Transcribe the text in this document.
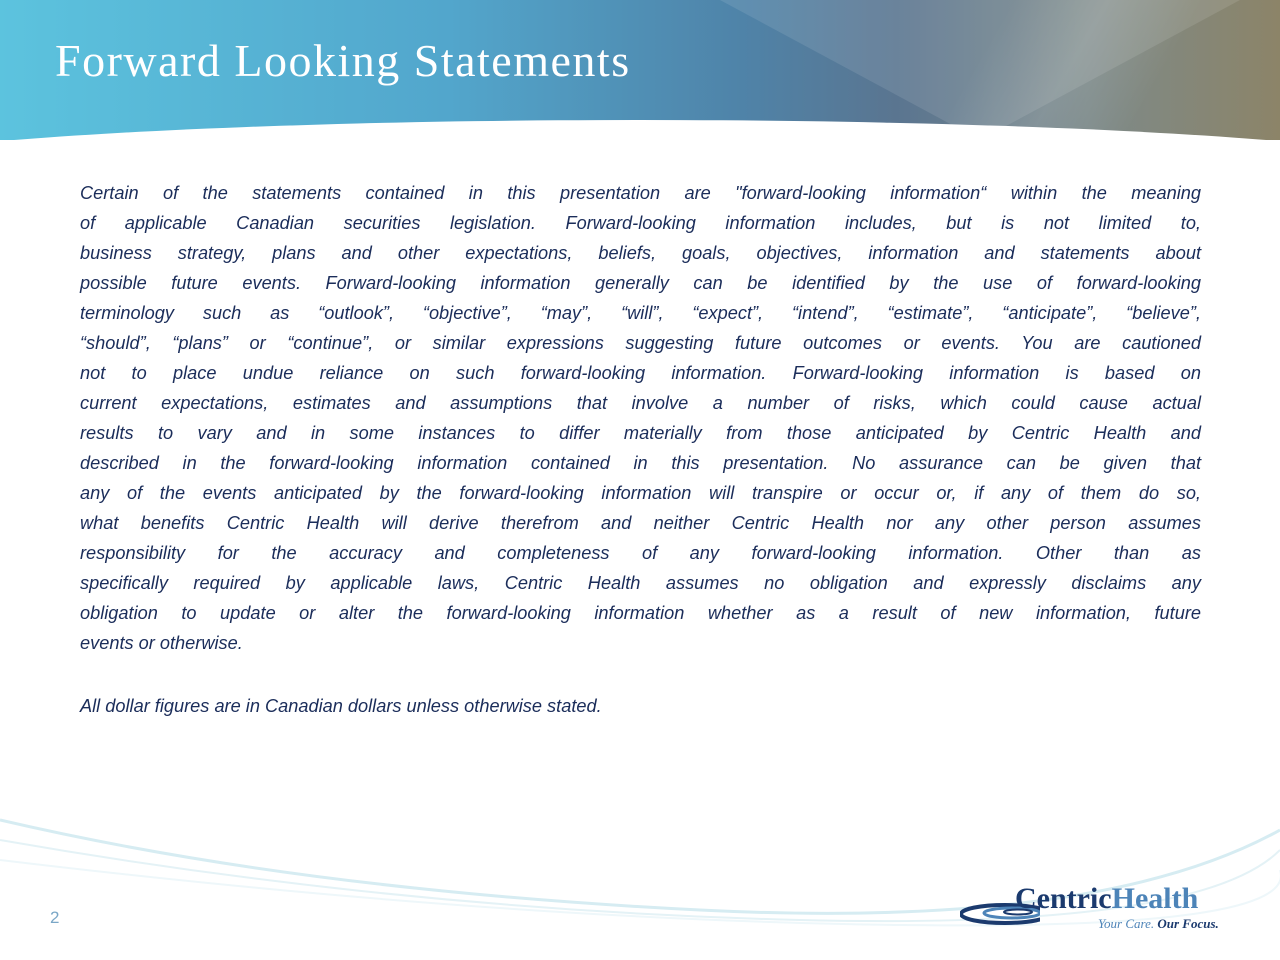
Forward Looking Statements
Certain of the statements contained in this presentation are "forward-looking information“ within the meaning
of applicable Canadian securities legislation. Forward-looking information includes, but is not limited to,
business strategy, plans and other expectations, beliefs, goals, objectives, information and statements about
possible future events. Forward-looking information generally can be identified by the use of forward-looking
terminology such as “outlook”, “objective”, “may”, “will”, “expect”, “intend”, “estimate”, “anticipate”, “believe”,
“should”, “plans” or “continue”, or similar expressions suggesting future outcomes or events. You are cautioned
not to place undue reliance on such forward-looking information. Forward-looking information is based on
current expectations, estimates and assumptions that involve a number of risks, which could cause actual
results to vary and in some instances to differ materially from those anticipated by Centric Health and
described in the forward-looking information contained in this presentation. No assurance can be given that
any of the events anticipated by the forward-looking information will transpire or occur or, if any of them do so,
what benefits Centric Health will derive therefrom and neither Centric Health nor any other person assumes
responsibility for the accuracy and completeness of any forward-looking information. Other than as
specifically required by applicable laws, Centric Health assumes no obligation and expressly disclaims any
obligation to update or alter the forward-looking information whether as a result of new information, future
events or otherwise.
All dollar figures are in Canadian dollars unless otherwise stated.
2
CentricHealth
Your Care. Our Focus.
